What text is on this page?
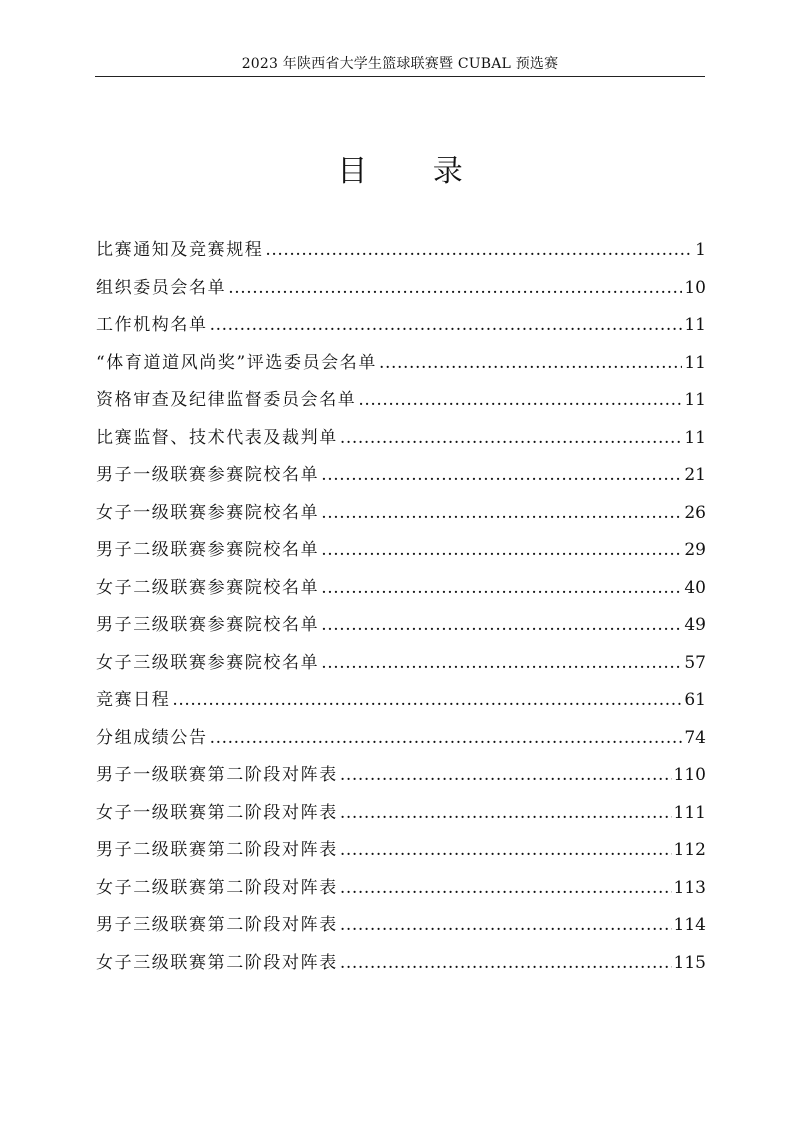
2023 年陕西省大学生篮球联赛暨 CUBAL 预选赛
目 录
比赛通知及竞赛规程 .....	1
组织委员会名单 .....	10
工作机构名单 .....	11
“体育道道风尚奖”评选委员会名单 .....	11
资格审查及纪律监督委员会名单 .....	11
比赛监督、技术代表及裁判单 .....	11
男子一级联赛参赛院校名单 .....	21
女子一级联赛参赛院校名单 .....	26
男子二级联赛参赛院校名单 .....	29
女子二级联赛参赛院校名单 .....	40
男子三级联赛参赛院校名单 .....	49
女子三级联赛参赛院校名单 .....	57
竞赛日程 .....	61
分组成绩公告 .....	74
男子一级联赛第二阶段对阵表 .....	110
女子一级联赛第二阶段对阵表 .....	111
男子二级联赛第二阶段对阵表 .....	112
女子二级联赛第二阶段对阵表 .....	113
男子三级联赛第二阶段对阵表 .....	114
女子三级联赛第二阶段对阵表 .....	115
